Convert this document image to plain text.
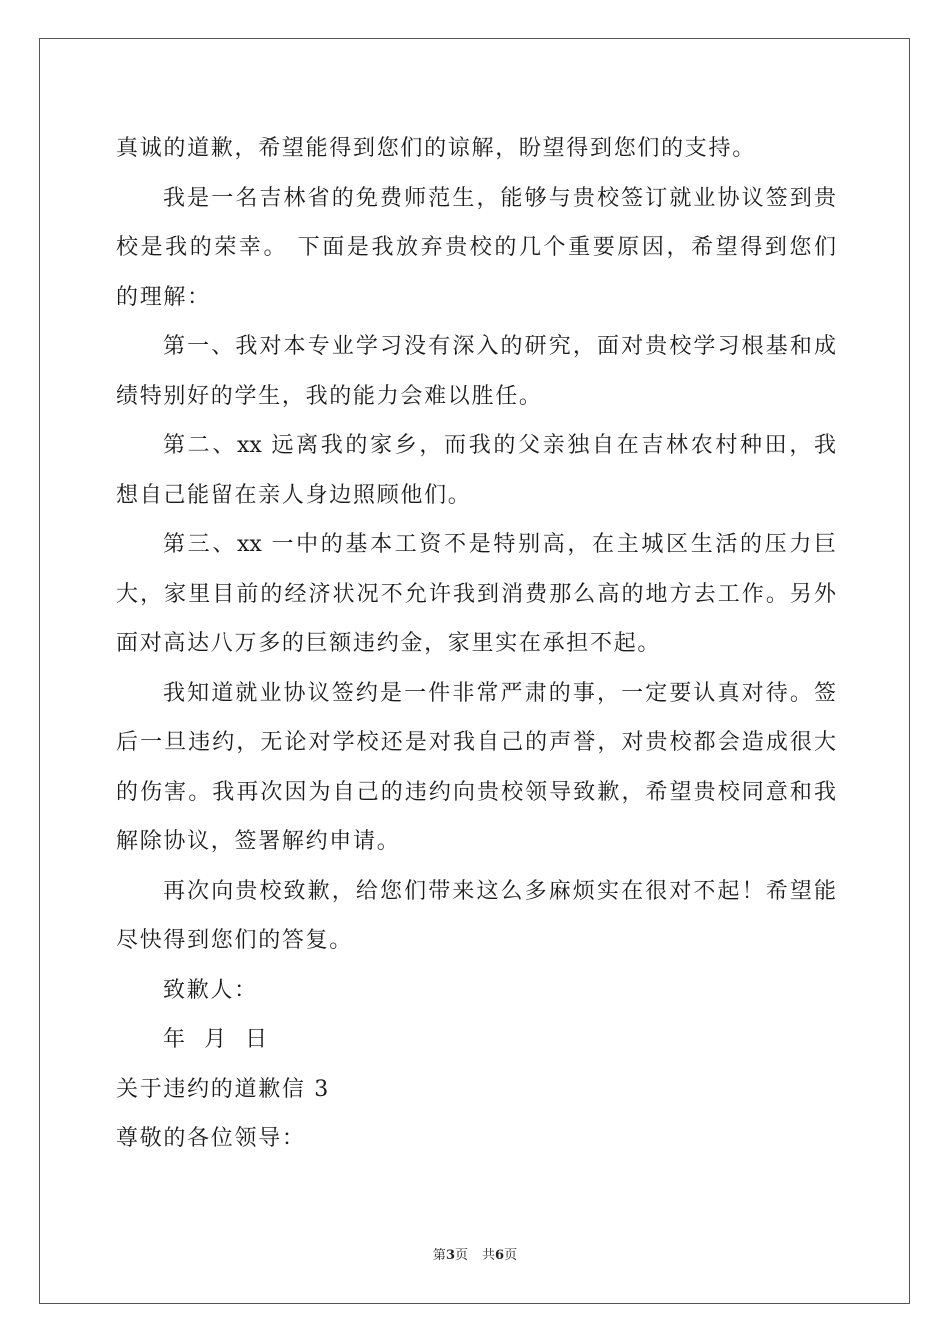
真诚的道歉，希望能得到您们的谅解，盼望得到您们的支持。
我是一名吉林省的免费师范生，能够与贵校签订就业协议签到贵
校是我的荣幸。 下面是我放弃贵校的几个重要原因，希望得到您们
的理解：
第一、我对本专业学习没有深入的研究，面对贵校学习根基和成
绩特别好的学生，我的能力会难以胜任。
第二、xx 远离我的家乡，而我的父亲独自在吉林农村种田，我
想自己能留在亲人身边照顾他们。
第三、xx 一中的基本工资不是特别高，在主城区生活的压力巨
大，家里目前的经济状况不允许我到消费那么高的地方去工作。另外
面对高达八万多的巨额违约金，家里实在承担不起。
我知道就业协议签约是一件非常严肃的事，一定要认真对待。签
后一旦违约，无论对学校还是对我自己的声誉，对贵校都会造成很大
的伤害。我再次因为自己的违约向贵校领导致歉，希望贵校同意和我
解除协议，签署解约申请。
再次向贵校致歉，给您们带来这么多麻烦实在很对不起！希望能
尽快得到您们的答复。
致歉人：
年  月  日
关于违约的道歉信 3
尊敬的各位领导：
第3页 共6页
